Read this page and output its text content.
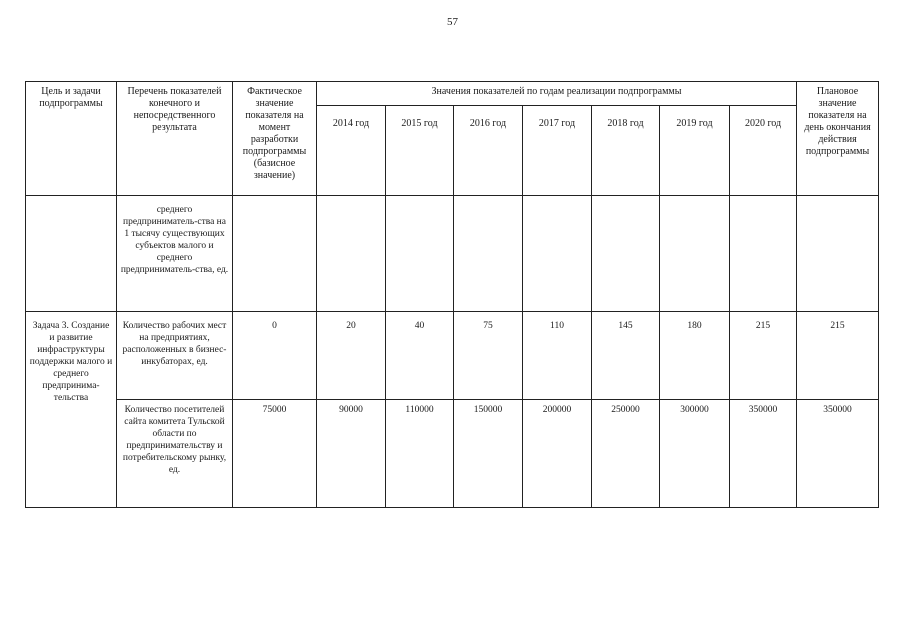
57
Цель и задачи подпрограммы	Перечень показателей конечного и непосредственного результата	Фактическое значение показателя на момент разработки подпрограммы (базисное значение)	Значения показателей по годам реализации подпрограммы							Плановое значение показателя на день окончания действия подпрограммы
			2014 год	2015 год	2016 год	2017 год	2018 год	2019 год	2020 год	
	среднего предприниматель-ства на 1 тысячу существующих субъектов малого и среднего предприниматель-ства, ед.									
Задача 3. Создание и развитие инфраструктуры поддержки малого и среднего предпринима-тельства	Количество рабочих мест на предприятиях, расположенных в бизнес-инкубаторах, ед.	0	20	40	75	110	145	180	215	215
	Количество посетителей сайта комитета Тульской области по предпринимательству и потребительскому рынку, ед.	75000	90000	110000	150000	200000	250000	300000	350000	350000
